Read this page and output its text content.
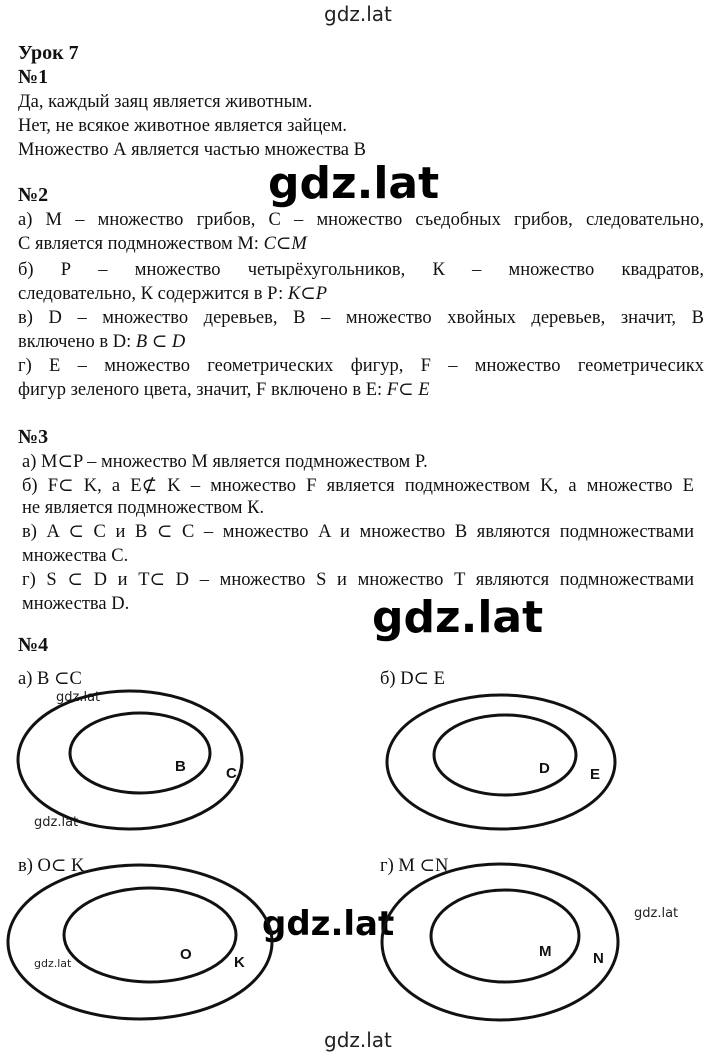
gdz.lat
gdz.lat
gdz.lat
gdz.lat
gdz.lat
gdz.lat
gdz.lat
gdz.lat
gdz.lat
Урок 7
№1
Да, каждый заяц является животным.
Нет, не всякое животное является зайцем.
Множество А является частью множества В
№2
а) М – множество грибов, С – множество съедобных грибов, следовательно,
С является подмножеством М: C⊂M
б) Р – множество четырёхугольников, К – множество квадратов,
следовательно, К содержится в Р: K⊂P
в) D – множество деревьев, В – множество хвойных деревьев, значит, В
включено в D: B ⊂ D
г) Е – множество геометрических фигур, F – множество геометричесикх
фигур зеленого цвета, значит, F включено в Е: F⊂ E
№3
а) M⊂P – множество M является подмножеством P.
б) F⊂ K, а E⊄ K – множество F является подмножеством K, а множество E
не является подмножеством К.
в) A ⊂ C и B ⊂ C – множество A и множество B являются подмножествами
множества C.
г) S ⊂ D и T⊂ D – множество S и множество T являются подмножествами
множества D.
№4
а) B ⊂C	б) D⊂ E
в) O⊂ K	г) M ⊂N
B	C	D	E
O	K
M	N
